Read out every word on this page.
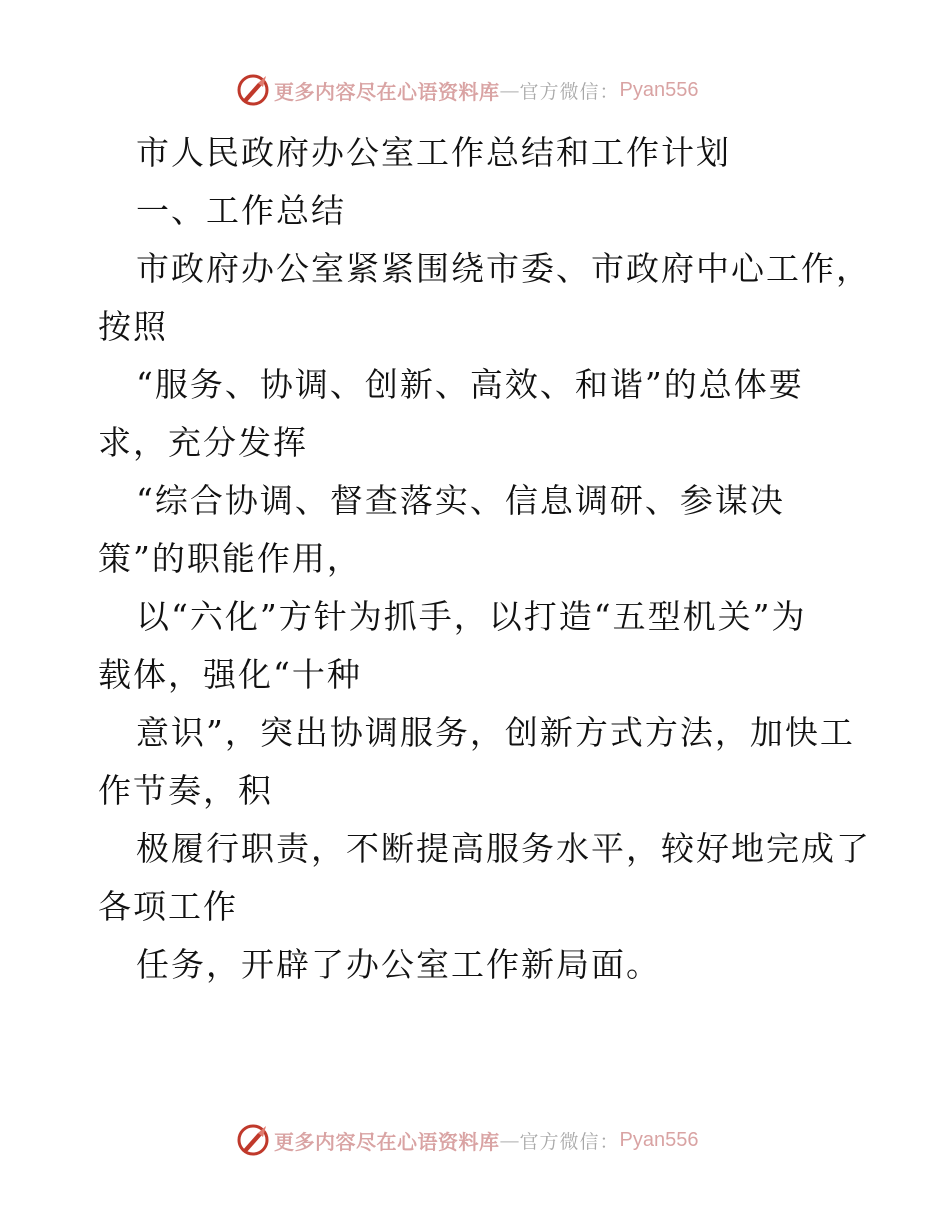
更多内容尽在心语资料库 — 官方微信： Pyan556
市人民政府办公室工作总结和工作计划
一、工作总结
市政府办公室紧紧围绕市委、市政府中心工作，
按照
“服务、协调、创新、高效、和谐”的总体要
求，充分发挥
“综合协调、督查落实、信息调研、参谋决
策”的职能作用，
以“六化”方针为抓手，以打造“五型机关”为
载体，强化“十种
意识”，突出协调服务，创新方式方法，加快工
作节奏，积
极履行职责，不断提高服务水平，较好地完成了
各项工作
任务，开辟了办公室工作新局面。
更多内容尽在心语资料库 — 官方微信： Pyan556
